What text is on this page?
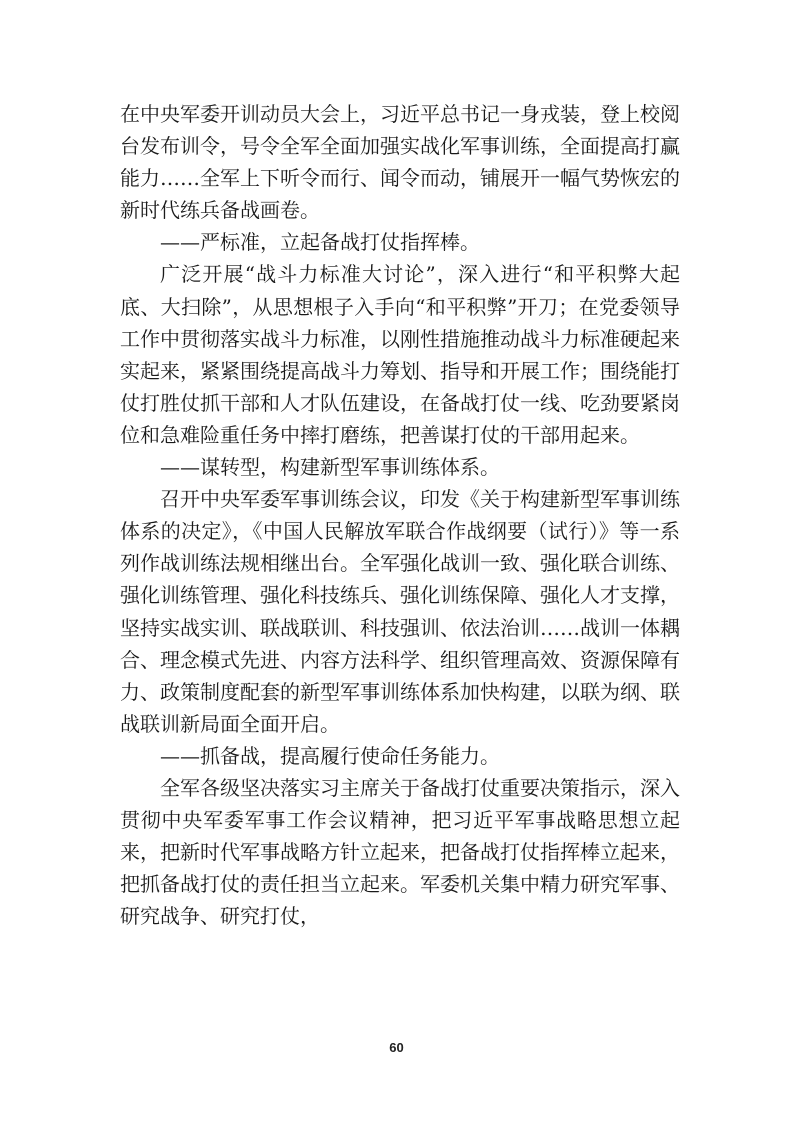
在中央军委开训动员大会上，习近平总书记一身戎装，登上校阅台发布训令，号令全军全面加强实战化军事训练，全面提高打赢能力……全军上下听令而行、闻令而动，铺展开一幅气势恢宏的新时代练兵备战画卷。

——严标准，立起备战打仗指挥棒。

广泛开展“战斗力标准大讨论”，深入进行“和平积弊大起底、大扫除”，从思想根子入手向“和平积弊”开刀；在党委领导工作中贯彻落实战斗力标准，以刚性措施推动战斗力标准硬起来实起来，紧紧围绕提高战斗力筹划、指导和开展工作；围绕能打仗打胜仗抓干部和人才队伍建设，在备战打仗一线、吃劲要紧岗位和急难险重任务中摔打磨练，把善谋打仗的干部用起来。

——谋转型，构建新型军事训练体系。

召开中央军委军事训练会议，印发《关于构建新型军事训练体系的决定》，《中国人民解放军联合作战纲要（试行）》等一系列作战训练法规相继出台。全军强化战训一致、强化联合训练、强化训练管理、强化科技练兵、强化训练保障、强化人才支撑，坚持实战实训、联战联训、科技强训、依法治训……战训一体耦合、理念模式先进、内容方法科学、组织管理高效、资源保障有力、政策制度配套的新型军事训练体系加快构建，以联为纲、联战联训新局面全面开启。

——抓备战，提高履行使命任务能力。

全军各级坚决落实习主席关于备战打仗重要决策指示，深入贯彻中央军委军事工作会议精神，把习近平军事战略思想立起来，把新时代军事战略方针立起来，把备战打仗指挥棒立起来，把抓备战打仗的责任担当立起来。军委机关集中精力研究军事、研究战争、研究打仗，

60
